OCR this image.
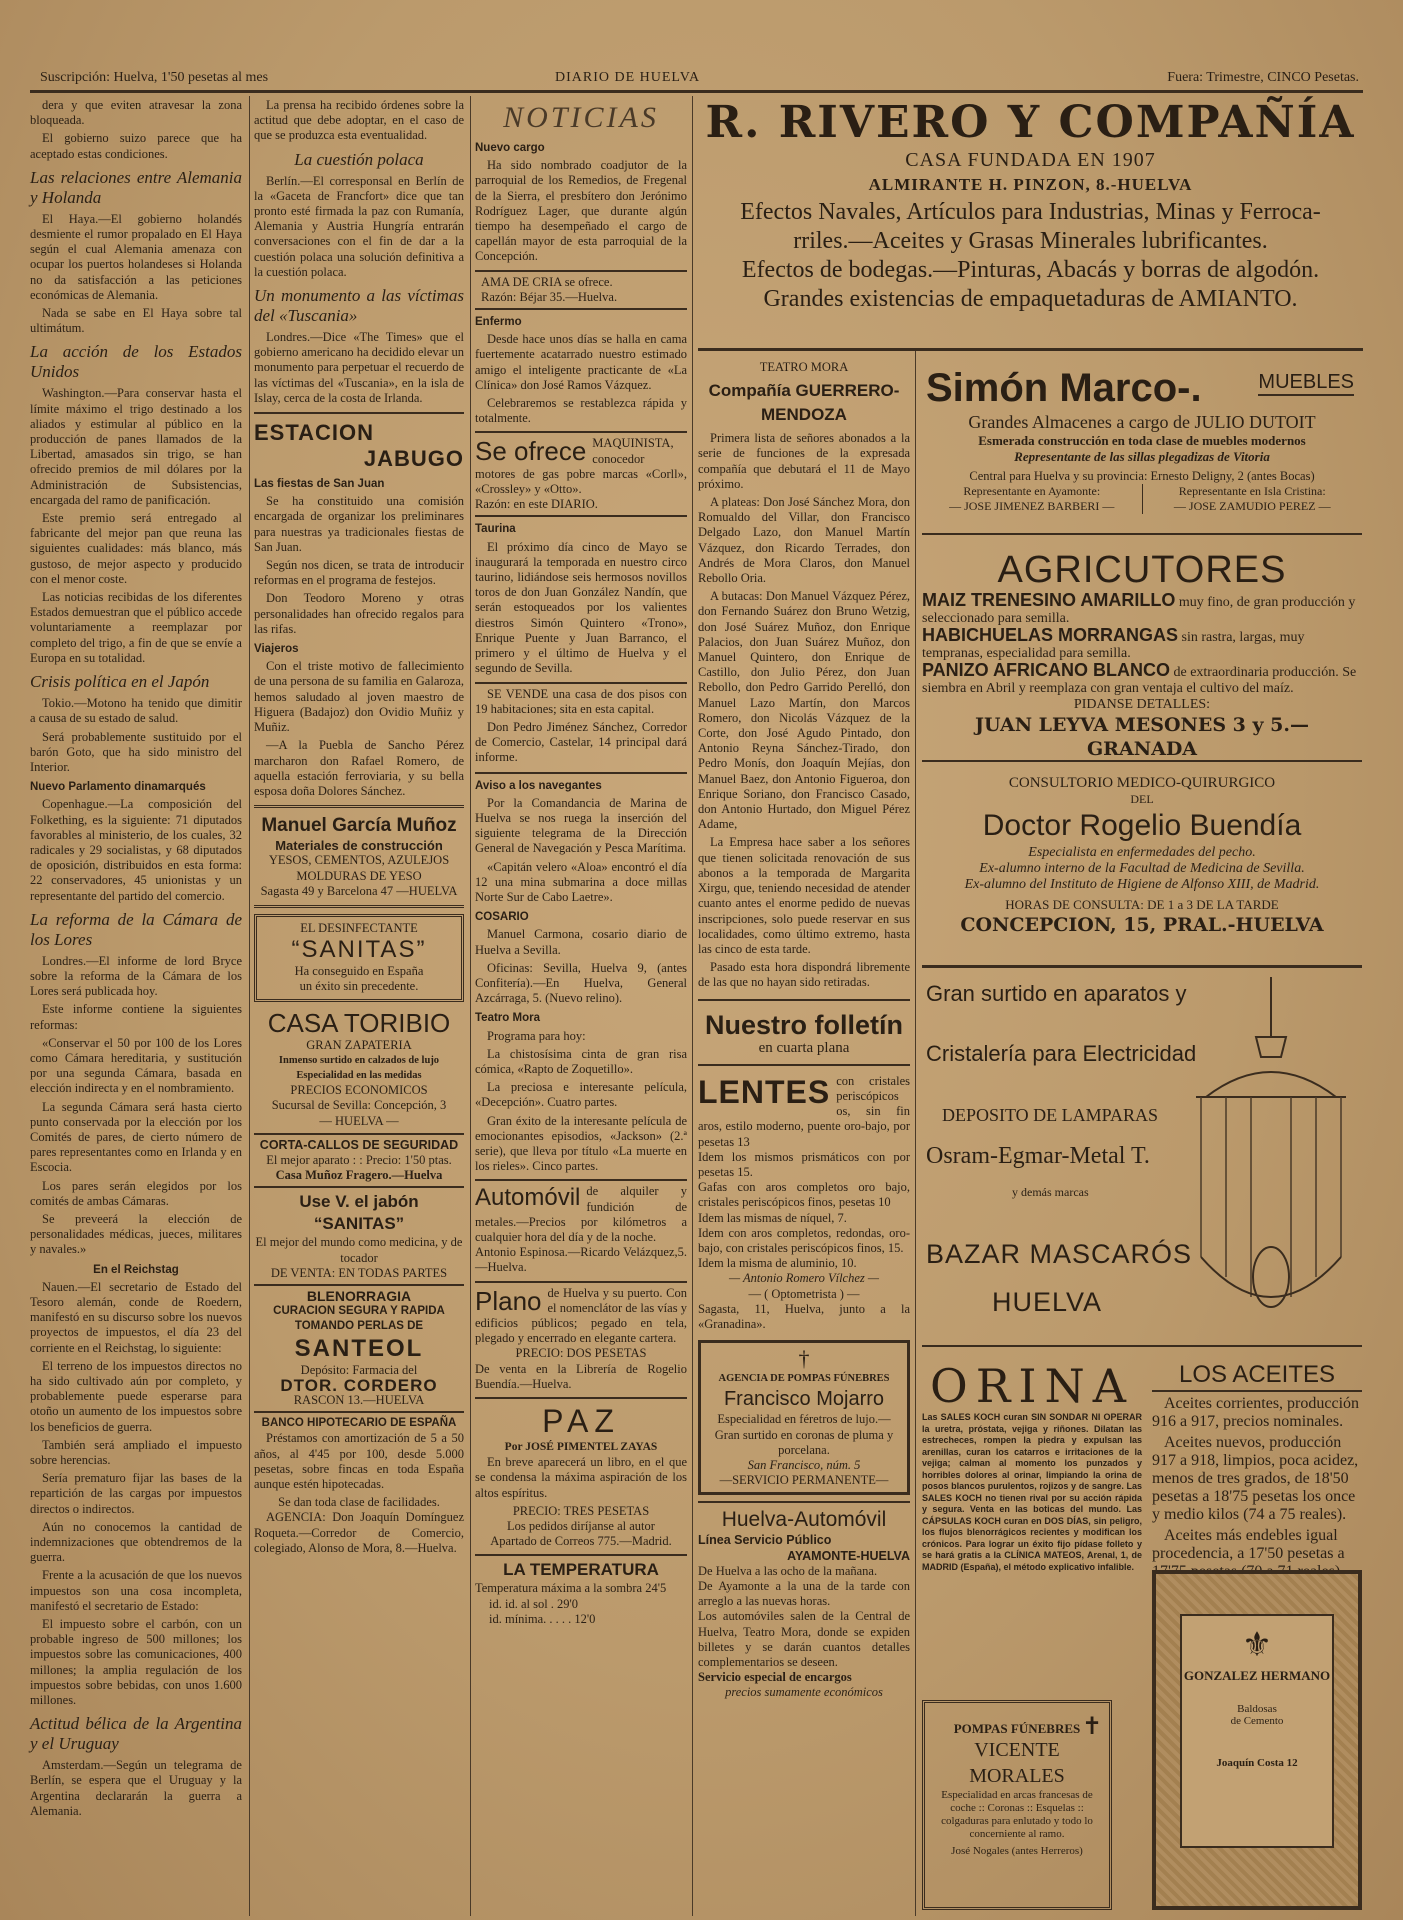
Suscripción: Huelva, 1'50 pesetas al mes	DIARIO DE HUELVA	Fuera: Trimestre, CINCO Pesetas.

dera y que eviten atravesar la zona bloqueada.

El gobierno suizo parece que ha aceptado estas condiciones.

Las relaciones entre Alemania y Holanda

El Haya.—El gobierno holandés desmiente el rumor propalado en El Haya según el cual Alemania amenaza con ocupar los puertos holandeses si Holanda no da satisfacción a las peticiones económicas de Alemania.

Nada se sabe en El Haya sobre tal ultimátum.

La acción de los Estados Unidos

Washington.—Para conservar hasta el límite máximo el trigo destinado a los aliados y estimular al público en la producción de panes llamados de la Libertad, amasados sin trigo, se han ofrecido premios de mil dólares por la Administración de Subsistencias, encargada del ramo de panificación.

Este premio será entregado al fabricante del mejor pan que reuna las siguientes cualidades: más blanco, más gustoso, de mejor aspecto y producido con el menor coste.

Las noticias recibidas de los diferentes Estados demuestran que el público accede voluntariamente a reemplazar por completo del trigo, a fin de que se envíe a Europa en su totalidad.

Crisis política en el Japón

Tokio.—Motono ha tenido que dimitir a causa de su estado de salud.

Será probablemente sustituido por el barón Goto, que ha sido ministro del Interior.

Nuevo Parlamento dinamarqués

Copenhague.—La composición del Folkething, es la siguiente: 71 diputados favorables al ministerio, de los cuales, 32 radicales y 29 socialistas, y 68 diputados de oposición, distribuidos en esta forma: 22 conservadores, 45 unionistas y un representante del partido del comercio.

La reforma de la Cámara de los Lores

Londres.—El informe de lord Bryce sobre la reforma de la Cámara de los Lores será publicada hoy.

Este informe contiene la siguientes reformas:

«Conservar el 50 por 100 de los Lores como Cámara hereditaria, y sustitución por una segunda Cámara, basada en elección indirecta y en el nombramiento.

La segunda Cámara será hasta cierto punto conservada por la elección por los Comités de pares, de cierto número de pares representantes como en Irlanda y en Escocia.

Los pares serán elegidos por los comités de ambas Cámaras.

Se preveerá la elección de personalidades médicas, jueces, militares y navales.»

En el Reichstag

Nauen.—El secretario de Estado del Tesoro alemán, conde de Roedern, manifestó en su discurso sobre los nuevos proyectos de impuestos, el día 23 del corriente en el Reichstag, lo siguiente:

El terreno de los impuestos directos no ha sido cultivado aún por completo, y probablemente puede esperarse para otoño un aumento de los impuestos sobre los beneficios de guerra.

También será ampliado el impuesto sobre herencias.

Sería prematuro fijar las bases de la repartición de las cargas por impuestos directos o indirectos.

Aún no conocemos la cantidad de indemnizaciones que obtendremos de la guerra.

Frente a la acusación de que los nuevos impuestos son una cosa incompleta, manifestó el secretario de Estado:

El impuesto sobre el carbón, con un probable ingreso de 500 millones; los impuestos sobre las comunicaciones, 400 millones; la amplia regulación de los impuestos sobre bebidas, con unos 1.600 millones.

Actitud bélica de la Argentina y el Uruguay

Amsterdam.—Según un telegrama de Berlín, se espera que el Uruguay y la Argentina declararán la guerra a Alemania.

La prensa ha recibido órdenes sobre la actitud que debe adoptar, en el caso de que se produzca esta eventualidad.

La cuestión polaca

Berlín.—El corresponsal en Berlín de la «Gaceta de Francfort» dice que tan pronto esté firmada la paz con Rumanía, Alemania y Austria Hungría entrarán conversaciones con el fin de dar a la cuestión polaca una solución definitiva a la cuestión polaca.

Un monumento a las víctimas del «Tuscania»

Londres.—Dice «The Times» que el gobierno americano ha decidido elevar un monumento para perpetuar el recuerdo de las víctimas del «Tuscania», en la isla de Islay, cerca de la costa de Irlanda.

ESTACION
JABUGO
Las fiestas de San Juan

Se ha constituido una comisión encargada de organizar los preliminares para nuestras ya tradicionales fiestas de San Juan.

Según nos dicen, se trata de introducir reformas en el programa de festejos.

Don Teodoro Moreno y otras personalidades han ofrecido regalos para las rifas.

Viajeros

Con el triste motivo de fallecimiento de una persona de su familia en Galaroza, hemos saludado al joven maestro de Higuera (Badajoz) don Ovidio Muñiz y Muñiz.

—A la Puebla de Sancho Pérez marcharon don Rafael Romero, de aquella estación ferroviaria, y su bella esposa doña Dolores Sánchez.

Manuel García Muñoz
Materiales de construcción
YESOS, CEMENTOS, AZULEJOS
MOLDURAS DE YESO
Sagasta 49 y Barcelona 47 —HUELVA
EL DESINFECTANTE
“SANITAS”
Ha conseguido en España
un éxito sin precedente.
CASA TORIBIO
GRAN ZAPATERIA
Inmenso surtido en calzados de lujo
Especialidad en las medidas
PRECIOS ECONOMICOS
Sucursal de Sevilla: Concepción, 3
— HUELVA —
CORTA-CALLOS DE SEGURIDAD
El mejor aparato : : Precio: 1'50 ptas.
Casa Muñoz Fragero.—Huelva
Use V. el jabón “SANITAS”
El mejor del mundo como medicina, y de tocador
DE VENTA: EN TODAS PARTES
BLENORRAGIA
CURACION SEGURA Y RAPIDA
TOMANDO PERLAS DE
SANTEOL
Depósito: Farmacia del
DTOR. CORDERO
RASCON 13.—HUELVA
BANCO HIPOTECARIO DE ESPAÑA

Préstamos con amortización de 5 a 50 años, al 4'45 por 100, desde 5.000 pesetas, sobre fincas en toda España aunque estén hipotecadas.

Se dan toda clase de facilidades.

AGENCIA: Don Joaquín Domínguez Roqueta.—Corredor de Comercio, colegiado, Alonso de Mora, 8.—Huelva.

NOTICIAS
Nuevo cargo

Ha sido nombrado coadjutor de la parroquial de los Remedios, de Fregenal de la Sierra, el presbítero don Jerónimo Rodríguez Lager, que durante algún tiempo ha desempeñado el cargo de capellán mayor de esta parroquial de la Concepción.

AMA DE CRIA se ofrece.
Razón: Béjar 35.—Huelva.
Enfermo

Desde hace unos días se halla en cama fuertemente acatarrado nuestro estimado amigo el inteligente practicante de «La Clínica» don José Ramos Vázquez.

Celebraremos se restablezca rápida y totalmente.

Se ofrece MAQUINISTA, conocedor motores de gas pobre marcas «Corll», «Crossley» y «Otto».
Razón: en este DIARIO.
Taurina

El próximo día cinco de Mayo se inaugurará la temporada en nuestro circo taurino, lidiándose seis hermosos novillos toros de don Juan González Nandín, que serán estoqueados por los valientes diestros Simón Quintero «Trono», Enrique Puente y Juan Barranco, el primero y el último de Huelva y el segundo de Sevilla.

SE VENDE una casa de dos pisos con 19 habitaciones; sita en esta capital.

Don Pedro Jiménez Sánchez, Corredor de Comercio, Castelar, 14 principal dará informe.

Aviso a los navegantes

Por la Comandancia de Marina de Huelva se nos ruega la inserción del siguiente telegrama de la Dirección General de Navegación y Pesca Marítima.

«Capitán velero «Aloa» encontró el día 12 una mina submarina a doce millas Norte Sur de Cabo Laetre».

COSARIO

Manuel Carmona, cosario diario de Huelva a Sevilla.

Oficinas: Sevilla, Huelva 9, (antes Confitería).—En Huelva, General Azcárraga, 5. (Nuevo relino).

Teatro Mora

Programa para hoy:

La chistosísima cinta de gran risa cómica, «Rapto de Zoquetillo».

La preciosa e interesante película, «Decepción». Cuatro partes.

Gran éxito de la interesante película de emocionantes episodios, «Jackson» (2.ª serie), que lleva por título «La muerte en los rieles». Cinco partes.

Automóvil de alquiler y fundición de metales.—Precios por kilómetros a cualquier hora del día y de la noche.
Antonio Espinosa.—Ricardo Velázquez,5.—Huelva.
Plano de Huelva y su puerto. Con el nomenclátor de las vías y edificios públicos; pegado en tela, plegado y encerrado en elegante cartera.
PRECIO: DOS PESETAS
De venta en la Librería de Rogelio Buendía.—Huelva.
PAZ
Por JOSÉ PIMENTEL ZAYAS

En breve aparecerá un libro, en el que se condensa la máxima aspiración de los altos espíritus.

PRECIO: TRES PESETAS
Los pedidos diríjanse al autor
Apartado de Correos 775.—Madrid.
LA TEMPERATURA
Temperatura máxima a la sombra 24'5
id. id. al sol . 29'0
id. mínima. . . . . 12'0
R. RIVERO Y COMPAÑÍA
CASA FUNDADA EN 1907
ALMIRANTE H. PINZON, 8.-HUELVA
Efectos Navales, Artículos para Industrias, Minas y Ferroca-
rriles.—Aceites y Grasas Minerales lubrificantes.
Efectos de bodegas.—Pinturas, Abacás y borras de algodón.
Grandes existencias de empaquetaduras de AMIANTO.
TEATRO MORA
Compañía GUERRERO-MENDOZA

Primera lista de señores abonados a la serie de funciones de la expresada compañía que debutará el 11 de Mayo próximo.

A plateas: Don José Sánchez Mora, don Romualdo del Villar, don Francisco Delgado Lazo, don Manuel Martín Vázquez, don Ricardo Terrades, don Andrés de Mora Claros, don Manuel Rebollo Oria.

A butacas: Don Manuel Vázquez Pérez, don Fernando Suárez don Bruno Wetzig, don José Suárez Muñoz, don Enrique Palacios, don Juan Suárez Muñoz, don Manuel Quintero, don Enrique de Castillo, don Julio Pérez, don Juan Rebollo, don Pedro Garrido Perelló, don Manuel Lazo Martín, don Marcos Romero, don Nicolás Vázquez de la Corte, don José Agudo Pintado, don Antonio Reyna Sánchez-Tirado, don Pedro Monís, don Joaquín Mejías, don Manuel Baez, don Antonio Figueroa, don Enrique Soriano, don Francisco Casado, don Antonio Hurtado, don Miguel Pérez Adame,

La Empresa hace saber a los señores que tienen solicitada renovación de sus abonos a la temporada de Margarita Xirgu, que, teniendo necesidad de atender cuanto antes el enorme pedido de nuevas inscripciones, solo puede reservar en sus localidades, como último extremo, hasta las cinco de esta tarde.

Pasado esta hora dispondrá libremente de las que no hayan sido retiradas.

Nuestro folletín
en cuarta plana
LENTES con cristales periscópicos os, sin fin aros, estilo moderno, puente oro-bajo, por pesetas 13
Idem los mismos prismáticos con por pesetas 15.
Gafas con aros completos oro bajo, cristales periscópicos finos, pesetas 10
Idem las mismas de níquel, 7.
Idem con aros completos, redondas, oro-bajo, con cristales periscópicos finos, 15.
Idem la misma de aluminio, 10.
— Antonio Romero Vílchez —
— ( Optometrista ) —
Sagasta, 11, Huelva, junto a la «Granadina».
†
AGENCIA DE POMPAS FÚNEBRES
Francisco Mojarro
Especialidad en féretros de lujo.—Gran surtido en coronas de pluma y porcelana.
San Francisco, núm. 5
—SERVICIO PERMANENTE—
Huelva-Automóvil
Línea Servicio Público
AYAMONTE-HUELVA
De Huelva a las ocho de la mañana.
De Ayamonte a la una de la tarde con arreglo a las nuevas horas.
Los automóviles salen de la Central de Huelva, Teatro Mora, donde se expiden billetes y se darán cuantos detalles complementarios se deseen.
Servicio especial de encargos
precios sumamente económicos
Simón Marco-.	MUEBLES
Grandes Almacenes a cargo de JULIO DUTOIT
Esmerada construcción en toda clase de muebles modernos
Representante de las sillas plegadizas de Vitoria
Central para Huelva y su provincia: Ernesto Deligny, 2 (antes Bocas)
Representante en Ayamonte:
— JOSE JIMENEZ BARBERI —
Representante en Isla Cristina:
— JOSE ZAMUDIO PEREZ —
AGRICUTORES
MAIZ TRENESINO AMARILLO muy fino, de gran producción y seleccionado para semilla.
HABICHUELAS MORRANGAS sin rastra, largas, muy tempranas, especialidad para semilla.
PANIZO AFRICANO BLANCO de extraordinaria producción. Se siembra en Abril y reemplaza con gran ventaja el cultivo del maíz.
PIDANSE DETALLES:
JUAN LEYVA MESONES 3 y 5.— GRANADA
CONSULTORIO MEDICO-QUIRURGICO
DEL
Doctor Rogelio Buendía
Especialista en enfermedades del pecho.
Ex-alumno interno de la Facultad de Medicina de Sevilla.
Ex-alumno del Instituto de Higiene de Alfonso XIII, de Madrid.
HORAS DE CONSULTA: DE 1 a 3 DE LA TARDE
CONCEPCION, 15, PRAL.-HUELVA
Gran surtido en aparatos y
Cristalería para Electricidad
DEPOSITO DE LAMPARAS
Osram-Egmar-Metal T.
y demás marcas
BAZAR MASCARÓS
HUELVA
ORINA
Las SALES KOCH curan SIN SONDAR NI OPERAR la uretra, próstata, vejiga y riñones. Dilatan las estrecheces, rompen la piedra y expulsan las arenillas, curan los catarros e irritaciones de la vejiga; calman al momento los punzados y horribles dolores al orinar, limpiando la orina de posos blancos purulentos, rojizos y de sangre. Las SALES KOCH no tienen rival por su acción rápida y segura. Venta en las boticas del mundo. Las CÁPSULAS KOCH curan en DOS DÍAS, sin peligro, los flujos blenorrágicos recientes y modifican los crónicos. Para lograr un éxito fijo pídase folleto y se hará gratis a la CLÍNICA MATEOS, Arenal, 1, de MADRID (España), el método explicativo infalible.
LOS ACEITES

Aceites corrientes, producción 916 a 917, precios nominales.

Aceites nuevos, producción 917 a 918, limpios, poca acidez, menos de tres grados, de 18'50 pesetas a 18'75 pesetas los once y medio kilos (74 a 75 reales).

Aceites más endebles igual procedencia, a 17'50 pesetas a

POMPAS FÚNEBRES
VICENTE MORALES
Especialidad en arcas francesas de coche :: Coronas :: Esquelas :: colgaduras para enlutado y todo lo concerniente al ramo.
José Nogales (antes Herreros)
✝
⚜
GONZALEZ HERMANO
Baldosas
de Cemento
Joaquín Costa 12
